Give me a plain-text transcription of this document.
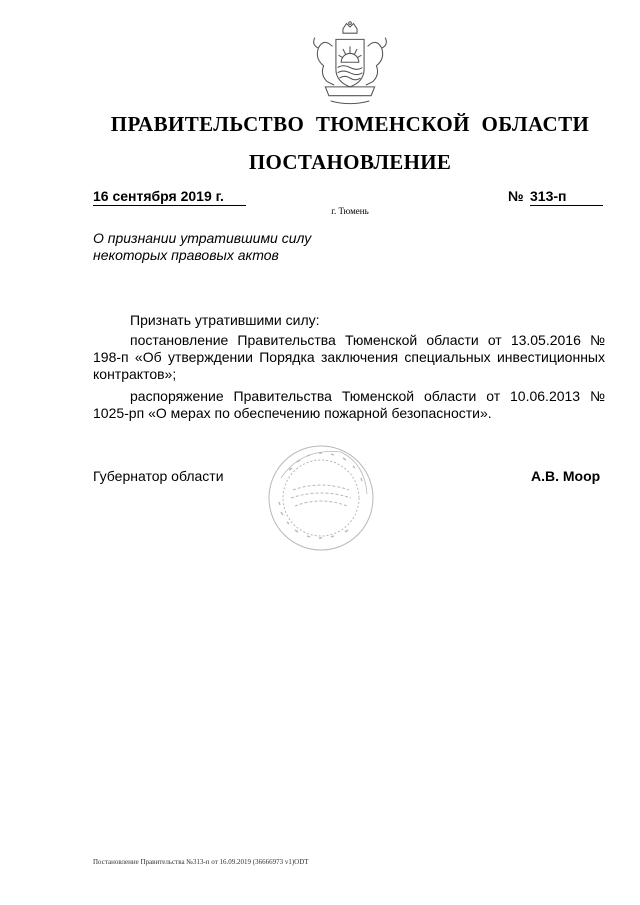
ПРАВИТЕЛЬСТВО ТЮМЕНСКОЙ ОБЛАСТИ
ПОСТАНОВЛЕНИЕ
16 сентября 2019 г.	№ 313-п
г. Тюмень
О признании утратившими силу
некоторых правовых актов

Признать утратившими силу:

постановление Правительства Тюменской области от 13.05.2016 № 198-п «Об утверждении Порядка заключения специальных инвестиционных контрактов»;

распоряжение Правительства Тюменской области от 10.06.2013 № 1025-рп «О мерах по обеспечению пожарной безопасности».

Губернатор области	А.В. Моор
Постановление Правительства №313-п от 16.09.2019 (36666973 v1)ODT
